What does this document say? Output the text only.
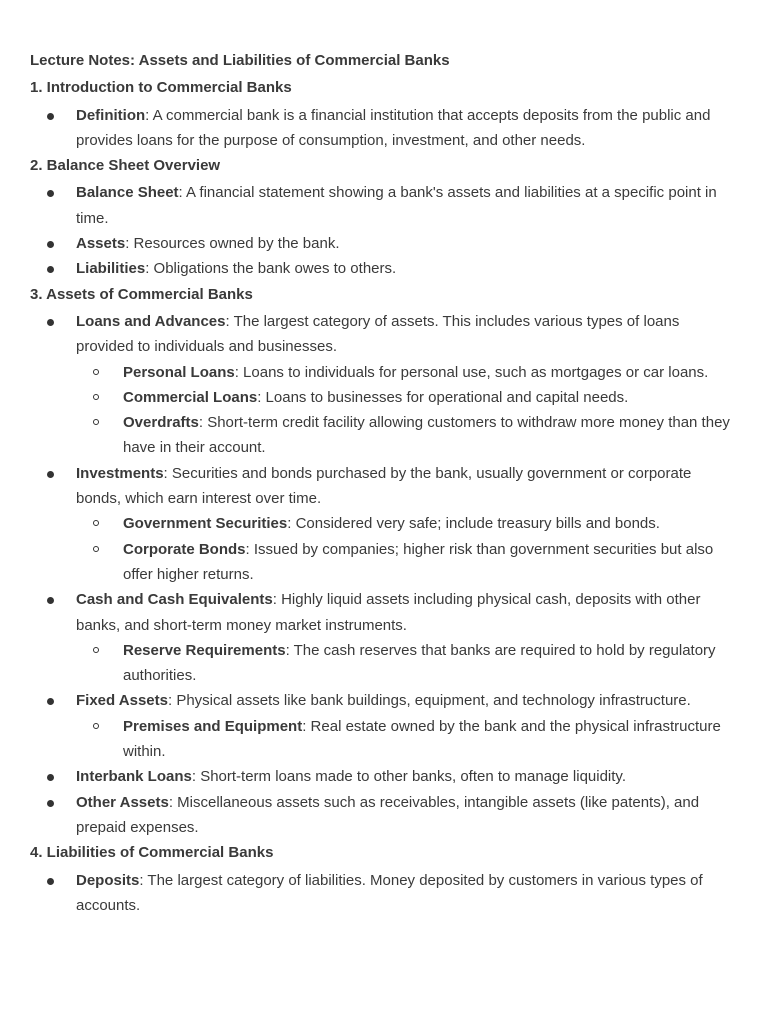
Lecture Notes: Assets and Liabilities of Commercial Banks
1. Introduction to Commercial Banks
Definition: A commercial bank is a financial institution that accepts deposits from the public and provides loans for the purpose of consumption, investment, and other needs.
2. Balance Sheet Overview
Balance Sheet: A financial statement showing a bank's assets and liabilities at a specific point in time.
Assets: Resources owned by the bank.
Liabilities: Obligations the bank owes to others.
3. Assets of Commercial Banks
Loans and Advances: The largest category of assets. This includes various types of loans provided to individuals and businesses.
Personal Loans: Loans to individuals for personal use, such as mortgages or car loans.
Commercial Loans: Loans to businesses for operational and capital needs.
Overdrafts: Short-term credit facility allowing customers to withdraw more money than they have in their account.
Investments: Securities and bonds purchased by the bank, usually government or corporate bonds, which earn interest over time.
Government Securities: Considered very safe; include treasury bills and bonds.
Corporate Bonds: Issued by companies; higher risk than government securities but also offer higher returns.
Cash and Cash Equivalents: Highly liquid assets including physical cash, deposits with other banks, and short-term money market instruments.
Reserve Requirements: The cash reserves that banks are required to hold by regulatory authorities.
Fixed Assets: Physical assets like bank buildings, equipment, and technology infrastructure.
Premises and Equipment: Real estate owned by the bank and the physical infrastructure within.
Interbank Loans: Short-term loans made to other banks, often to manage liquidity.
Other Assets: Miscellaneous assets such as receivables, intangible assets (like patents), and prepaid expenses.
4. Liabilities of Commercial Banks
Deposits: The largest category of liabilities. Money deposited by customers in various types of accounts.
